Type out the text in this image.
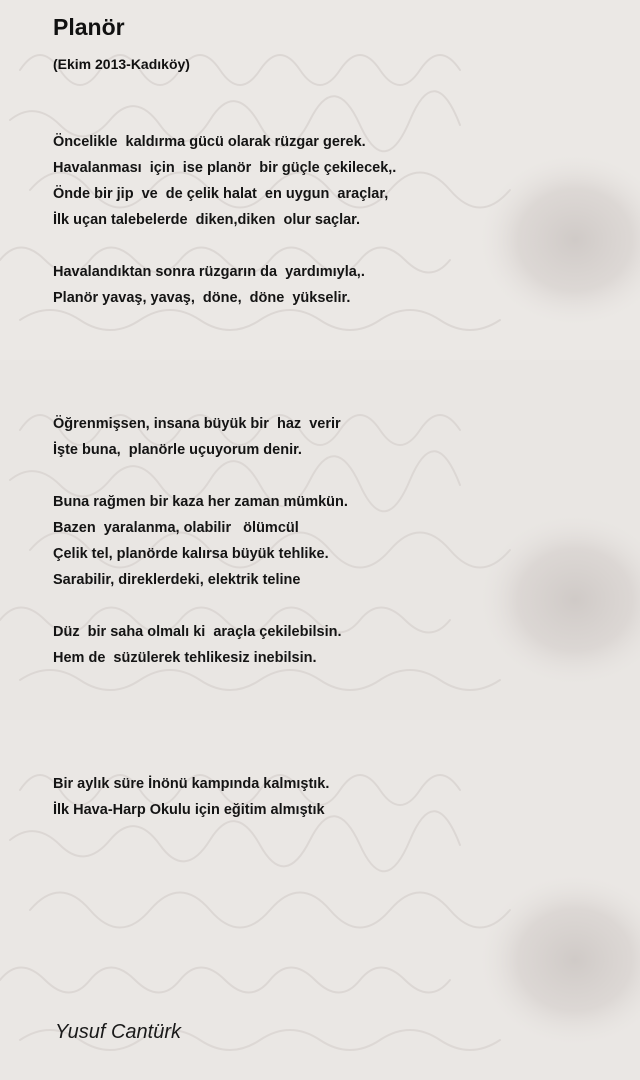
Planör
(Ekim 2013-Kadıköy)
Öncelikle  kaldırma gücü olarak rüzgar gerek.
Havalanması  için  ise planör  bir güçle çekilecek,.
Önde bir jip  ve  de çelik halat  en uygun  araçlar,
İlk uçan talebelerde  diken,diken  olur saçlar.
Havalandıktan sonra rüzgarın da  yardımıyla,.
Planör yavaş, yavaş,  döne,  döne  yükselir.
Öğrenmişsen, insana büyük bir  haz  verir
İşte buna,  planörle uçuyorum denir.
Buna rağmen bir kaza her zaman mümkün.
Bazen  yaralanma, olabilir   ölümcül
Çelik tel, planörde kalırsa büyük tehlike.
Sarabilir, direklerdeki, elektrik teline
Düz  bir saha olmalı ki  araçla çekilebilsin.
Hem de  süzülerek tehlikesiz inebilsin.
Bir aylık süre İnönü kampında kalmıştık.
İlk Hava-Harp Okulu için eğitim almıştık
Yusuf Cantürk
